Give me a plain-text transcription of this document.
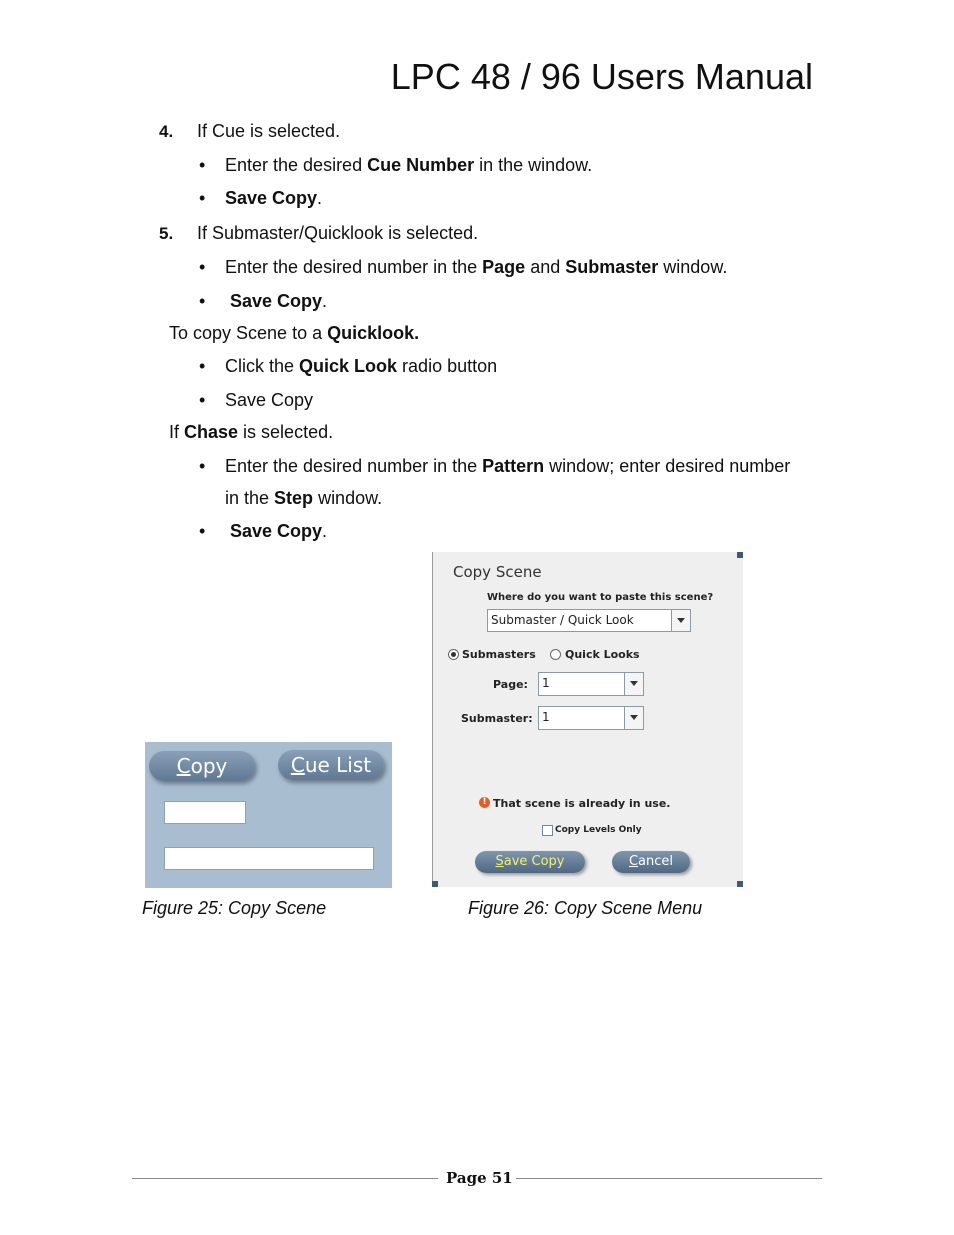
LPC 48 / 96 Users Manual
4. If Cue is selected.
• Enter the desired Cue Number in the window.
• Save Copy.
5. If Submaster/Quicklook is selected.
• Enter the desired number in the Page and Submaster window.
• Save Copy.
To copy Scene to a Quicklook.
• Click the Quick Look radio button
• Save Copy
If Chase is selected.
• Enter the desired number in the Pattern window; enter desired number
in the Step window.
• Save Copy.
Copy	Cue List
Copy Scene
Where do you want to paste this scene?
Submaster / Quick Look
Submasters	Quick Looks
Page:	1
Submaster: 1
! That scene is already in use.
Copy Levels Only
Save Copy	Cancel
Figure 25: Copy Scene	Figure 26: Copy Scene Menu
Page 51
